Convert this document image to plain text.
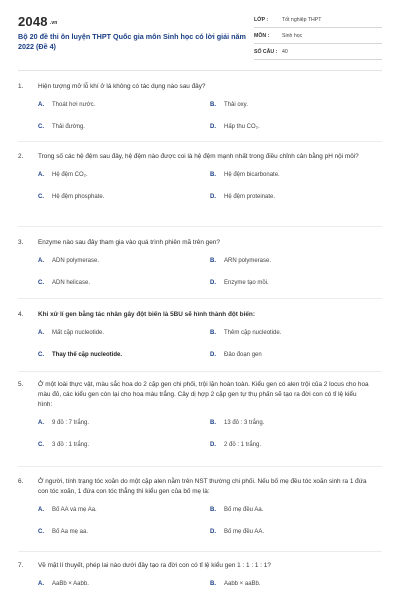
2048 .vn
Bộ 20 đề thi ôn luyện THPT Quốc gia môn Sinh học có lời giải năm 2022 (Đề 4)
LỚP :	Tốt nghiệp THPT
MÔN :	Sinh học
SỐ CÂU : 40
1.	Hiện tượng mở lỗ khí ở lá không có tác dụng nào sau đây?
A.	Thoát hơi nước.	B.	Thải oxy.
C.	Thải đường.	D.	Hấp thu CO₂.
2.	Trong số các hệ đệm sau đây, hệ đệm nào được coi là hệ đệm mạnh nhất trong điều chỉnh cân bằng pH nội môi?
A.	Hệ đệm CO₂.	B.	Hệ đệm bicarbonate.
C.	Hệ đệm phosphate.	D.	Hệ đệm proteinate.
3.	Enzyme nào sau đây tham gia vào quá trình phiên mã trên gen?
A.	ADN polymerase.	B.	ARN polymerase.
C.	ADN helicase.	D.	Enzyme tạo mồi.
4.	Khi xử lí gen bằng tác nhân gây đột biến là 5BU sẽ hình thành đột biến:
A.	Mất cặp nucleotide.	B.	Thêm cặp nucleotide.
C.	Thay thế cặp nucleotide.	D.	Đảo đoạn gen
5.	Ở một loài thực vật, màu sắc hoa do 2 cặp gen chi phối, trội lặn hoàn toàn. Kiểu gen có alen trội của 2 locus cho hoa màu đỏ, các kiểu gen còn lại cho hoa màu trắng. Cây dị hợp 2 cặp gen tự thụ phấn sẽ tạo ra đời con có tỉ lệ kiểu hình:
A.	9 đỏ : 7 trắng.	B.	13 đỏ : 3 trắng.
C.	3 đỏ : 1 trắng.	D.	2 đỏ : 1 trắng.
6.	Ở người, tính trạng tóc xoăn do một cặp alen nằm trên NST thường chi phối. Nếu bố mẹ đều tóc xoăn sinh ra 1 đứa con tóc xoăn, 1 đứa con tóc thẳng thì kiểu gen của bố mẹ là:
A.	Bố AA và mẹ Aa.	B.	Bố mẹ đều Aa.
C.	Bố Aa mẹ aa.	D.	Bố mẹ đều AA.
7.	Về mặt lí thuyết, phép lai nào dưới đây tạo ra đời con có tỉ lệ kiểu gen 1 : 1 : 1 : 1?
A.	AaBb × Aabb.	B.	Aabb × aaBb.
